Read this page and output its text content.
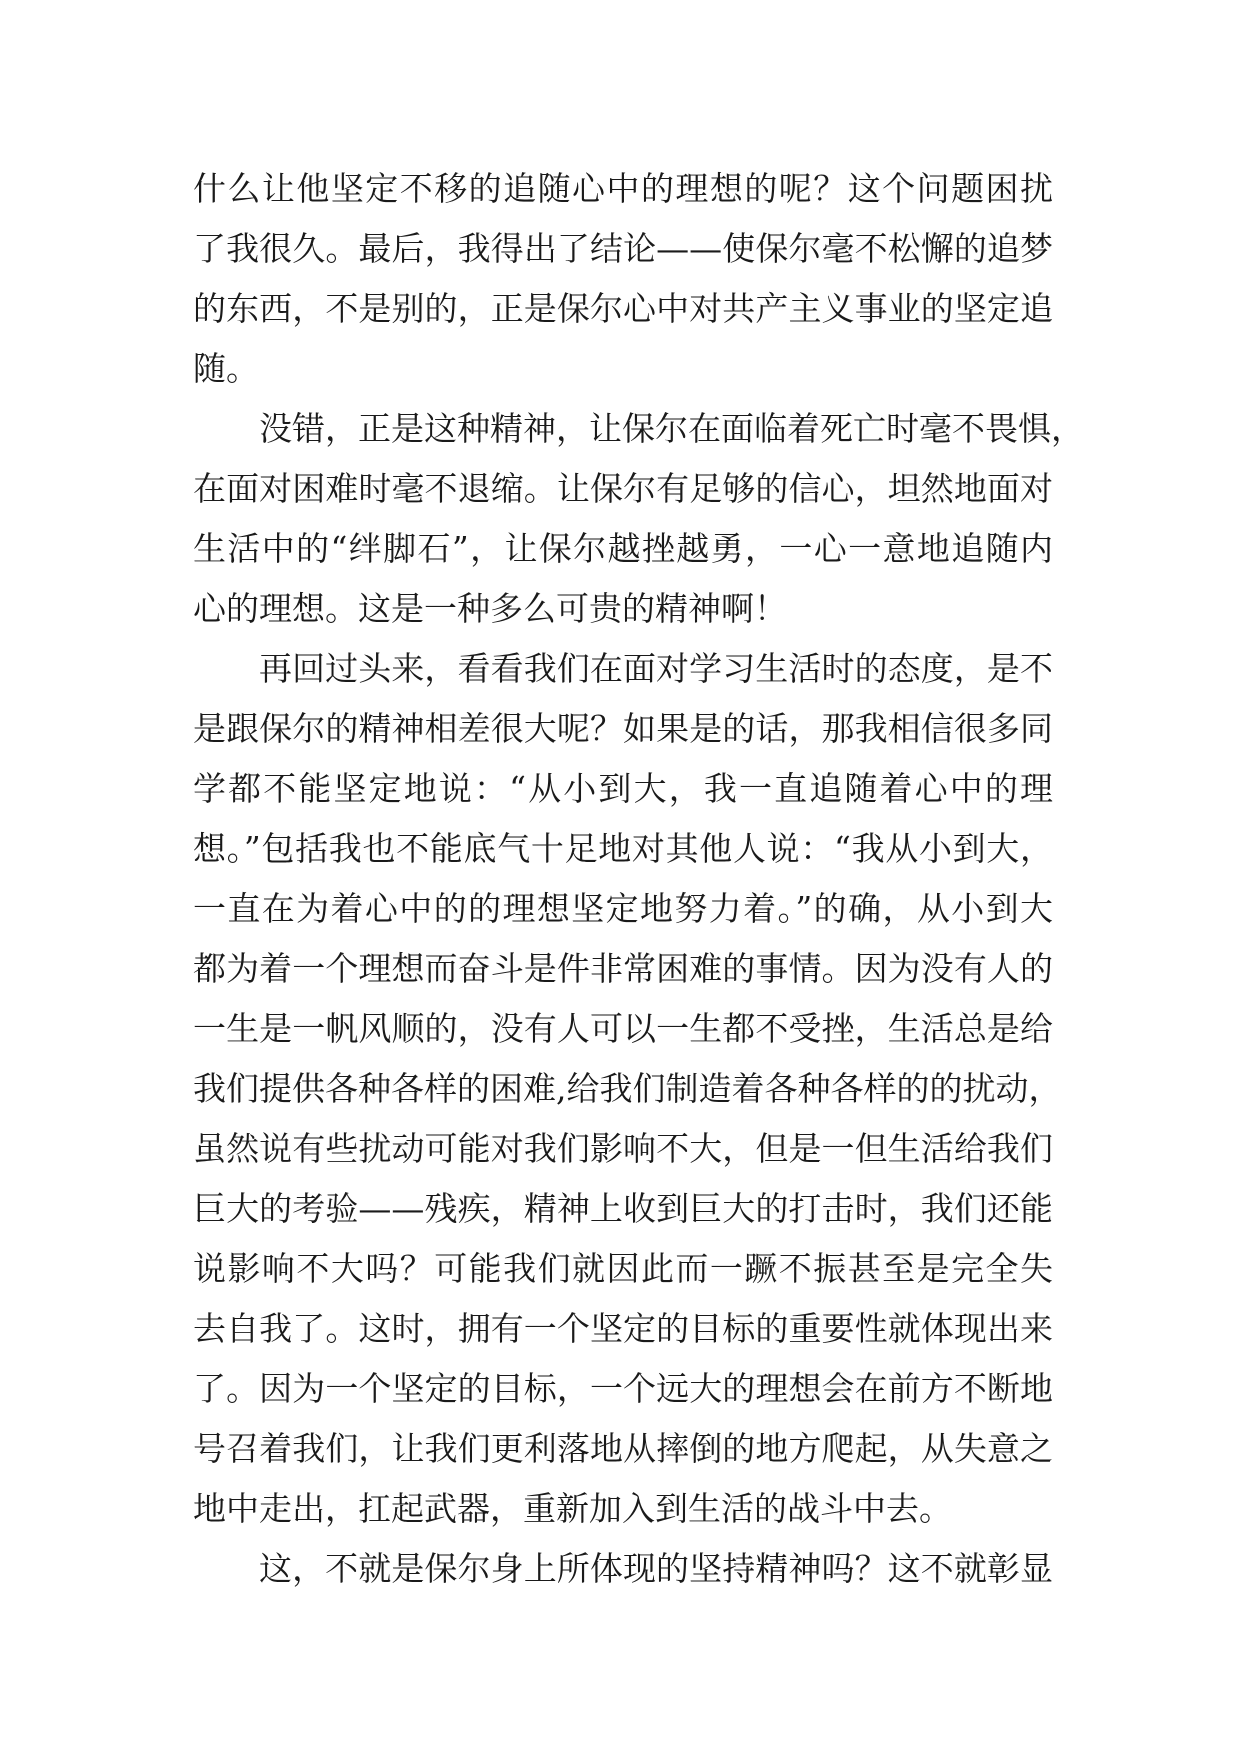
什么让他坚定不移的追随心中的理想的呢？这个问题困扰
了我很久。最后，我得出了结论——使保尔毫不松懈的追梦
的东西，不是别的，正是保尔心中对共产主义事业的坚定追
随。
没错，正是这种精神，让保尔在面临着死亡时毫不畏惧，
在面对困难时毫不退缩。让保尔有足够的信心，坦然地面对
生活中的“绊脚石”，让保尔越挫越勇，一心一意地追随内
心的理想。这是一种多么可贵的精神啊！
再回过头来，看看我们在面对学习生活时的态度，是不
是跟保尔的精神相差很大呢？如果是的话，那我相信很多同
学都不能坚定地说：“从小到大，我一直追随着心中的理
想。”包括我也不能底气十足地对其他人说：“我从小到大，
一直在为着心中的的理想坚定地努力着。”的确，从小到大
都为着一个理想而奋斗是件非常困难的事情。因为没有人的
一生是一帆风顺的，没有人可以一生都不受挫，生活总是给
我们提供各种各样的困难,给我们制造着各种各样的的扰动，
虽然说有些扰动可能对我们影响不大，但是一但生活给我们
巨大的考验——残疾，精神上收到巨大的打击时，我们还能
说影响不大吗？可能我们就因此而一蹶不振甚至是完全失
去自我了。这时，拥有一个坚定的目标的重要性就体现出来
了。因为一个坚定的目标，一个远大的理想会在前方不断地
号召着我们，让我们更利落地从摔倒的地方爬起，从失意之
地中走出，扛起武器，重新加入到生活的战斗中去。
这，不就是保尔身上所体现的坚持精神吗？这不就彰显
